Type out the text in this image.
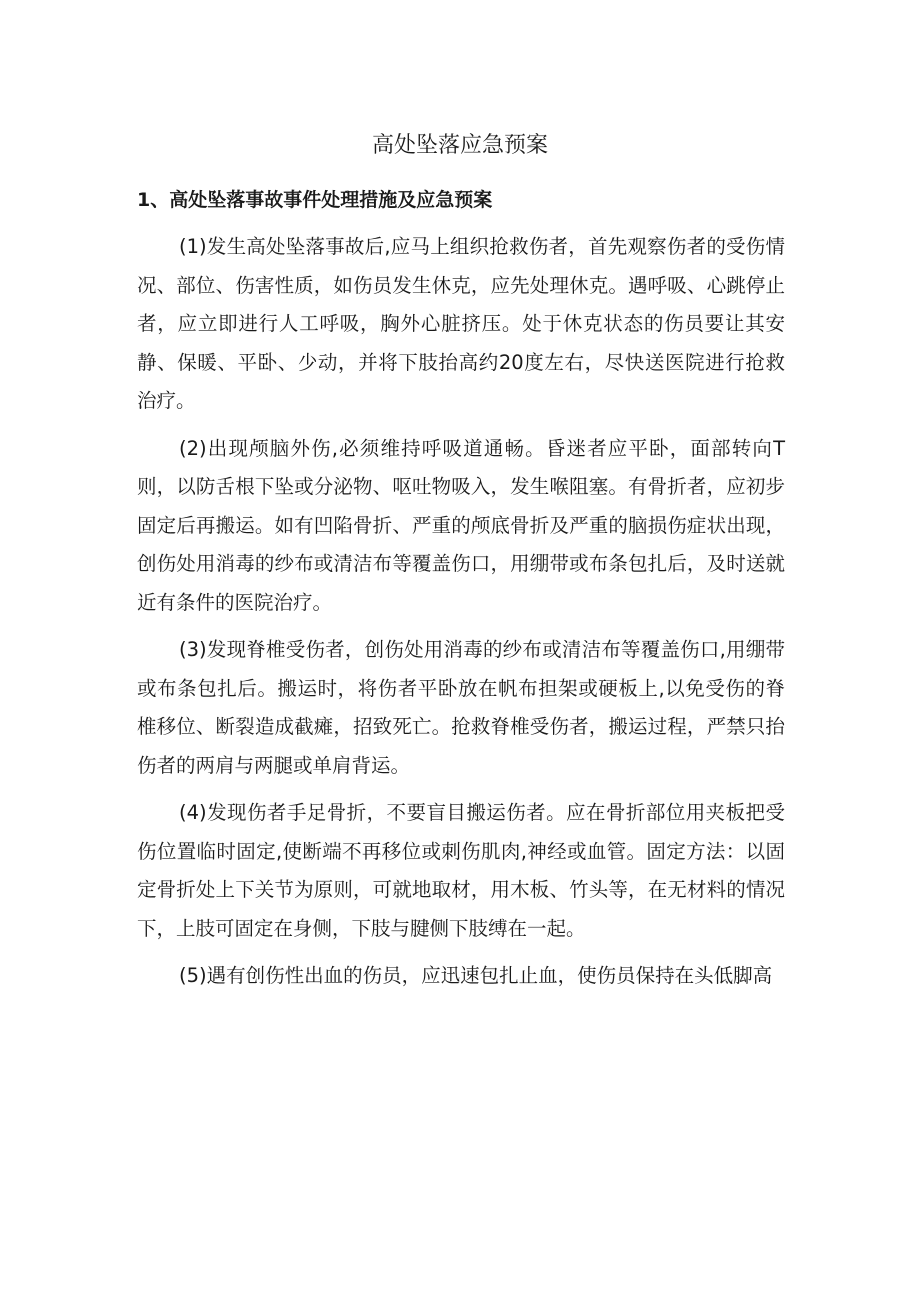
高处坠落应急预案
1、高处坠落事故事件处理措施及应急预案

(1)发生高处坠落事故后,应马上组织抢救伤者，首先观察伤者的受伤情况、部位、伤害性质，如伤员发生休克，应先处理休克。遇呼吸、心跳停止者，应立即进行人工呼吸，胸外心脏挤压。处于休克状态的伤员要让其安静、保暖、平卧、少动，并将下肢抬高约20度左右，尽快送医院进行抢救治疗。

(2)出现颅脑外伤,必须维持呼吸道通畅。昏迷者应平卧，面部转向T则，以防舌根下坠或分泌物、呕吐物吸入，发生喉阻塞。有骨折者，应初步固定后再搬运。如有凹陷骨折、严重的颅底骨折及严重的脑损伤症状出现，创伤处用消毒的纱布或清洁布等覆盖伤口，用绷带或布条包扎后，及时送就近有条件的医院治疗。

(3)发现脊椎受伤者，创伤处用消毒的纱布或清洁布等覆盖伤口,用绷带或布条包扎后。搬运时，将伤者平卧放在帆布担架或硬板上,以免受伤的脊椎移位、断裂造成截瘫，招致死亡。抢救脊椎受伤者，搬运过程，严禁只抬伤者的两肩与两腿或单肩背运。

(4)发现伤者手足骨折，不要盲目搬运伤者。应在骨折部位用夹板把受伤位置临时固定,使断端不再移位或刺伤肌肉,神经或血管。固定方法：以固定骨折处上下关节为原则，可就地取材，用木板、竹头等，在无材料的情况下，上肢可固定在身侧，下肢与腱侧下肢缚在一起。

(5)遇有创伤性出血的伤员，应迅速包扎止血，使伤员保持在头低脚高
